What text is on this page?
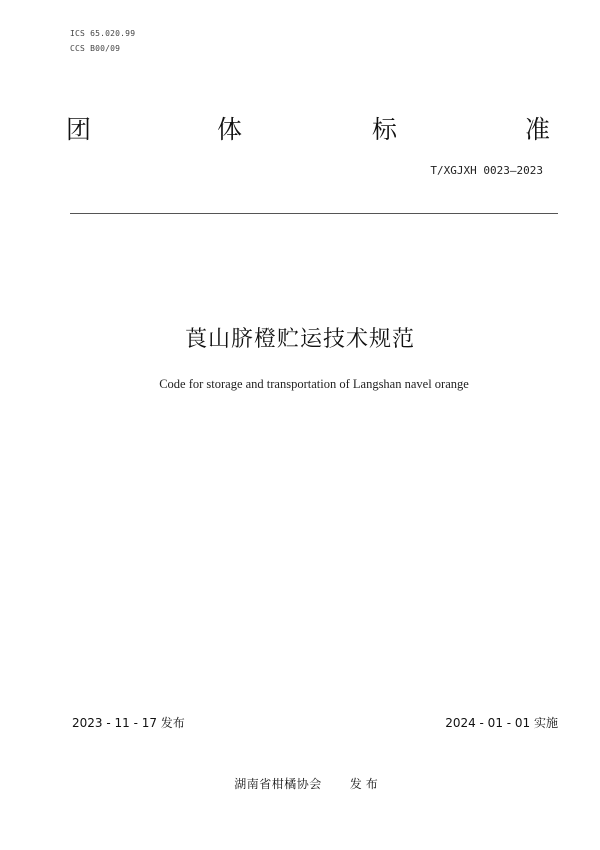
ICS 65.020.99
CCS B00/09
团	体	标	准
T/XGJXH 0023—2023
莨山脐橙贮运技术规范
Code for storage and transportation of Langshan navel orange
2023 - 11 - 17 发布	2024 - 01 - 01 实施
湖南省柑橘协会 发布
